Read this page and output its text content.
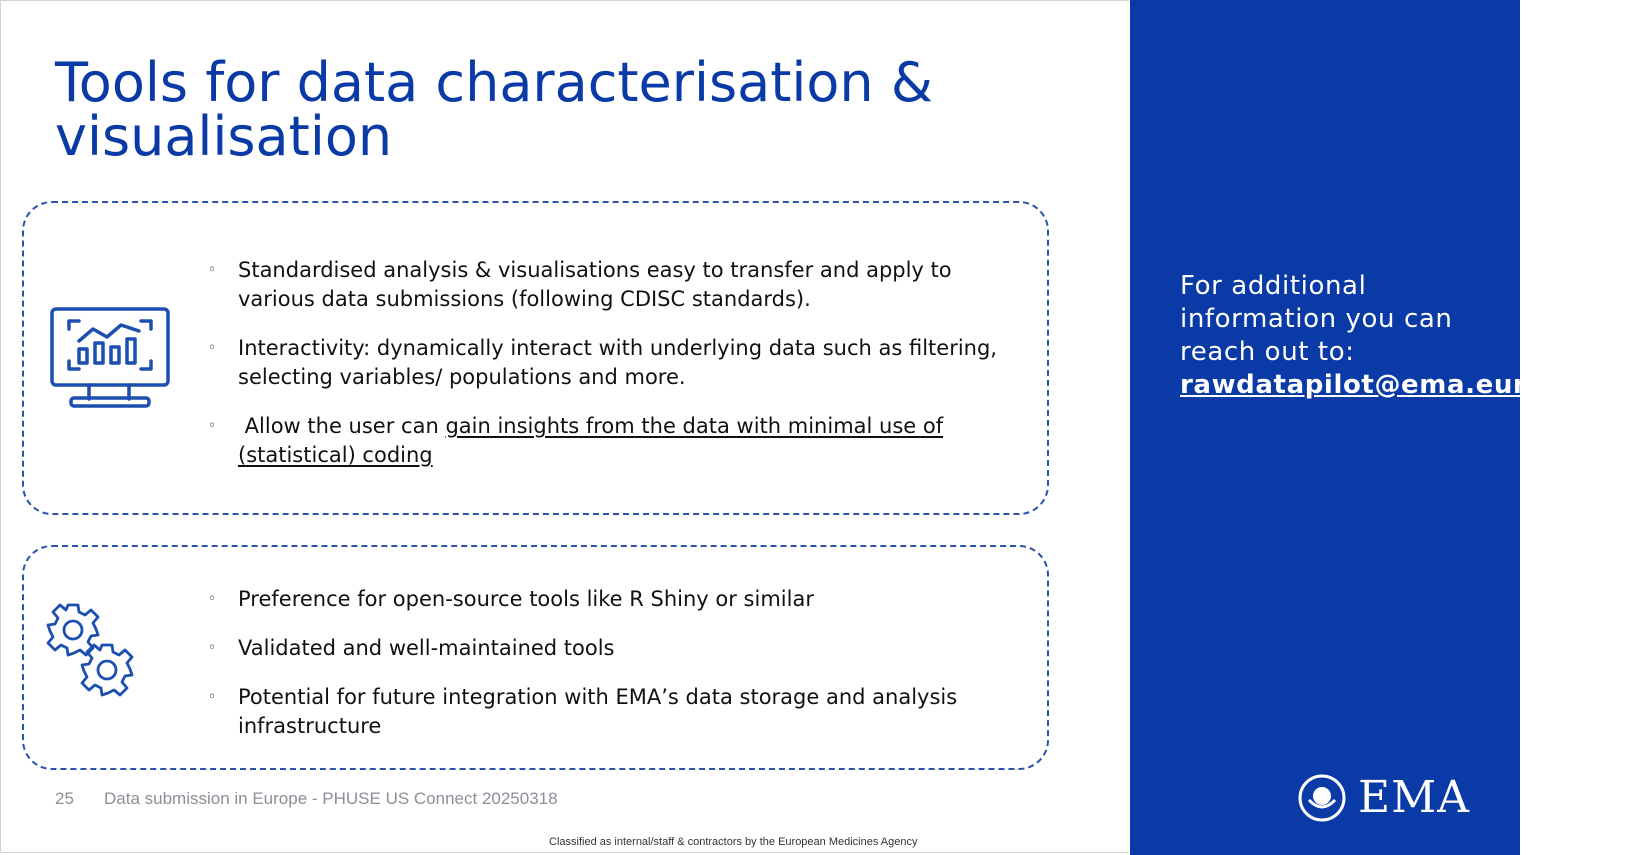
Tools for data characterisation &
visualisation
◦ Standardised analysis & visualisations easy to transfer and apply to various data submissions (following CDISC standards).
◦ Interactivity: dynamically interact with underlying data such as filtering, selecting variables/ populations and more.
◦ Allow the user can gain insights from the data with minimal use of (statistical) coding
◦ Preference for open-source tools like R Shiny or similar
◦ Validated and well-maintained tools
◦ Potential for future integration with EMA’s data storage and analysis infrastructure
25 Data submission in Europe - PHUSE US Connect 20250318
Classified as internal/staff & contractors by the European Medicines Agency
For additional information you can reach out to:
rawdatapilot@ema.europa.eu
EMA
